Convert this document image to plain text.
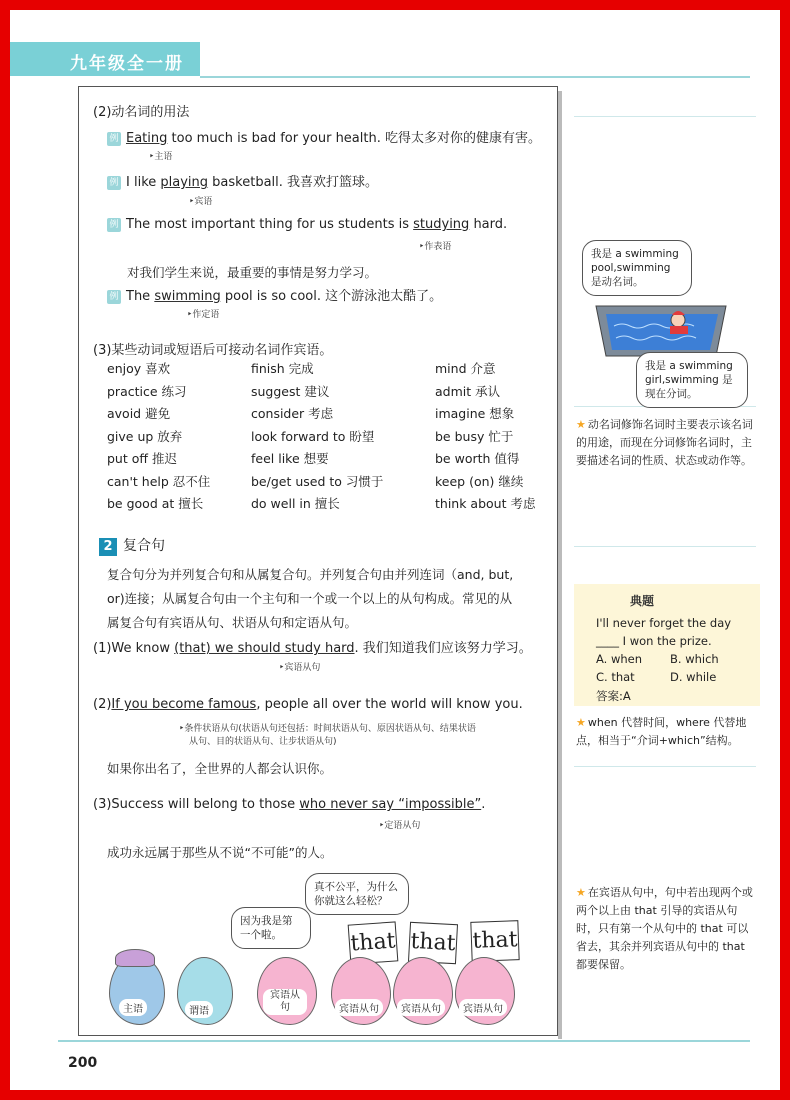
九年级全一册
(2)动名词的用法
例 Eating too much is bad for your health. 吃得太多对你的健康有害。
‣主语
例 I like playing basketball. 我喜欢打篮球。
‣宾语
例 The most important thing for us students is studying hard.
‣作表语
对我们学生来说，最重要的事情是努力学习。
例 The swimming pool is so cool. 这个游泳池太酷了。
‣作定语
(3)某些动词或短语后可接动名词作宾语。
enjoy 喜欢	finish 完成	mind 介意
practice 练习	suggest 建议	admit 承认
avoid 避免	consider 考虑	imagine 想象
give up 放弃	look forward to 盼望	be busy 忙于
put off 推迟	feel like 想要	be worth 值得
can't help 忍不住	be/get used to 习惯于	keep (on) 继续
be good at 擅长	do well in 擅长	think about 考虑
2 复合句
复合句分为并列复合句和从属复合句。并列复合句由并列连词（and, but,
or)连接；从属复合句由一个主句和一个或一个以上的从句构成。常见的从
属复合句有宾语从句、状语从句和定语从句。
(1)We know (that) we should study hard. 我们知道我们应该努力学习。
‣宾语从句
(2)If you become famous, people all over the world will know you.
‣条件状语从句(状语从句还包括：时间状语从句、原因状语从句、结果状语
从句、目的状语从句、让步状语从句)
如果你出名了，全世界的人都会认识你。
(3)Success will belong to those who never say “impossible”.
‣定语从句
成功永远属于那些从不说“不可能”的人。
因为我是第一个啦。
真不公平，为什么你就这么轻松？
that that that
主语	谓语
宾语从句	宾语从句	宾语从句	宾语从句
我是 a swimming pool,swimming 是动名词。
我是 a swimming girl,swimming 是现在分词。
★ 动名词修饰名词时主要表示该名词的用途，而现在分词修饰名词时，主要描述名词的性质、状态或动作等。
典题
I'll never forget the day
____ I won the prize.
A. when B. which
C. that	D. while
答案:A
★ when 代替时间，where 代替地点，相当于“介词+which”结构。
★ 在宾语从句中，句中若出现两个或两个以上由 that 引导的宾语从句时，只有第一个从句中的 that 可以省去，其余并列宾语从句中的 that 都要保留。
200
